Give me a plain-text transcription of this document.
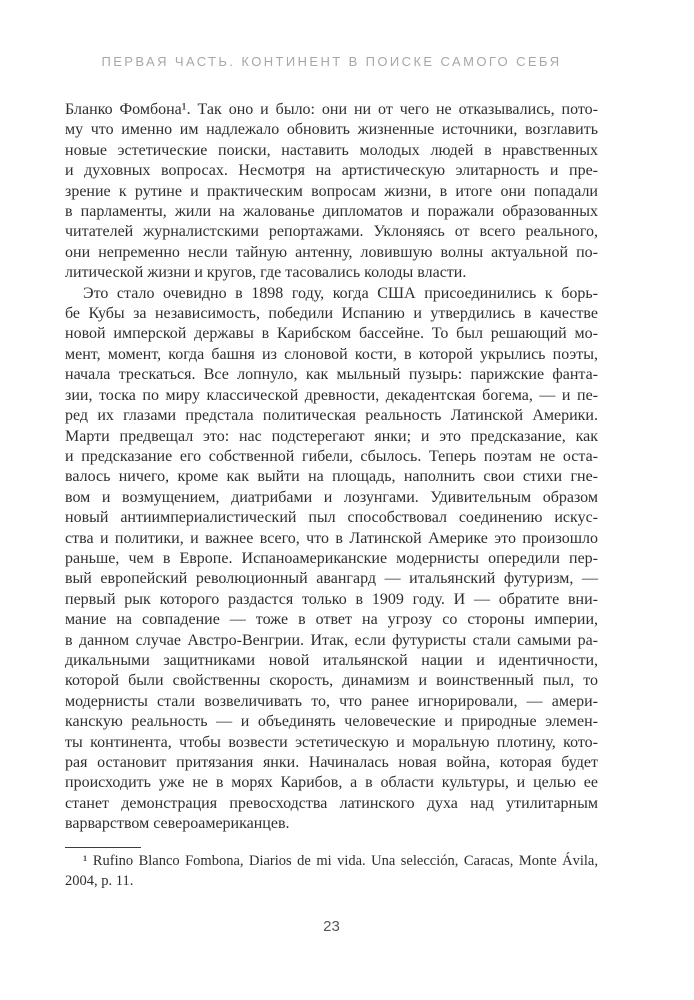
ПЕРВАЯ ЧАСТЬ. КОНТИНЕНТ В ПОИСКЕ САМОГО СЕБЯ
Бланко Фомбона¹. Так оно и было: они ни от чего не отказывались, пото-
му что именно им надлежало обновить жизненные источники, возглавить
новые эстетические поиски, наставить молодых людей в нравственных
и духовных вопросах. Несмотря на артистическую элитарность и пре-
зрение к рутине и практическим вопросам жизни, в итоге они попадали
в парламенты, жили на жалованье дипломатов и поражали образованных
читателей журналистскими репортажами. Уклоняясь от всего реального,
они непременно несли тайную антенну, ловившую волны актуальной по-
литической жизни и кругов, где тасовались колоды власти.
Это стало очевидно в 1898 году, когда США присоединились к борь-
бе Кубы за независимость, победили Испанию и утвердились в качестве
новой имперской державы в Карибском бассейне. То был решающий мо-
мент, момент, когда башня из слоновой кости, в которой укрылись поэты,
начала трескаться. Все лопнуло, как мыльный пузырь: парижские фанта-
зии, тоска по миру классической древности, декадентская богема, — и пе-
ред их глазами предстала политическая реальность Латинской Америки.
Марти предвещал это: нас подстерегают янки; и это предсказание, как
и предсказание его собственной гибели, сбылось. Теперь поэтам не оста-
валось ничего, кроме как выйти на площадь, наполнить свои стихи гне-
вом и возмущением, диатрибами и лозунгами. Удивительным образом
новый антиимпериалистический пыл способствовал соединению искус-
ства и политики, и важнее всего, что в Латинской Америке это произошло
раньше, чем в Европе. Испаноамериканские модернисты опередили пер-
вый европейский революционный авангард — итальянский футуризм, —
первый рык которого раздастся только в 1909 году. И — обратите вни-
мание на совпадение — тоже в ответ на угрозу со стороны империи,
в данном случае Австро-Венгрии. Итак, если футуристы стали самыми ра-
дикальными защитниками новой итальянской нации и идентичности,
которой были свойственны скорость, динамизм и воинственный пыл, то
модернисты стали возвеличивать то, что ранее игнорировали, — амери-
канскую реальность — и объединять человеческие и природные элемен-
ты континента, чтобы возвести эстетическую и моральную плотину, кото-
рая остановит притязания янки. Начиналась новая война, которая будет
происходить уже не в морях Карибов, а в области культуры, и целью ее
станет демонстрация превосходства латинского духа над утилитарным
варварством североамериканцев.
¹ Rufino Blanco Fombona, Diarios de mi vida. Una selección, Caracas, Monte Ávila,
2004, p. 11.
23
